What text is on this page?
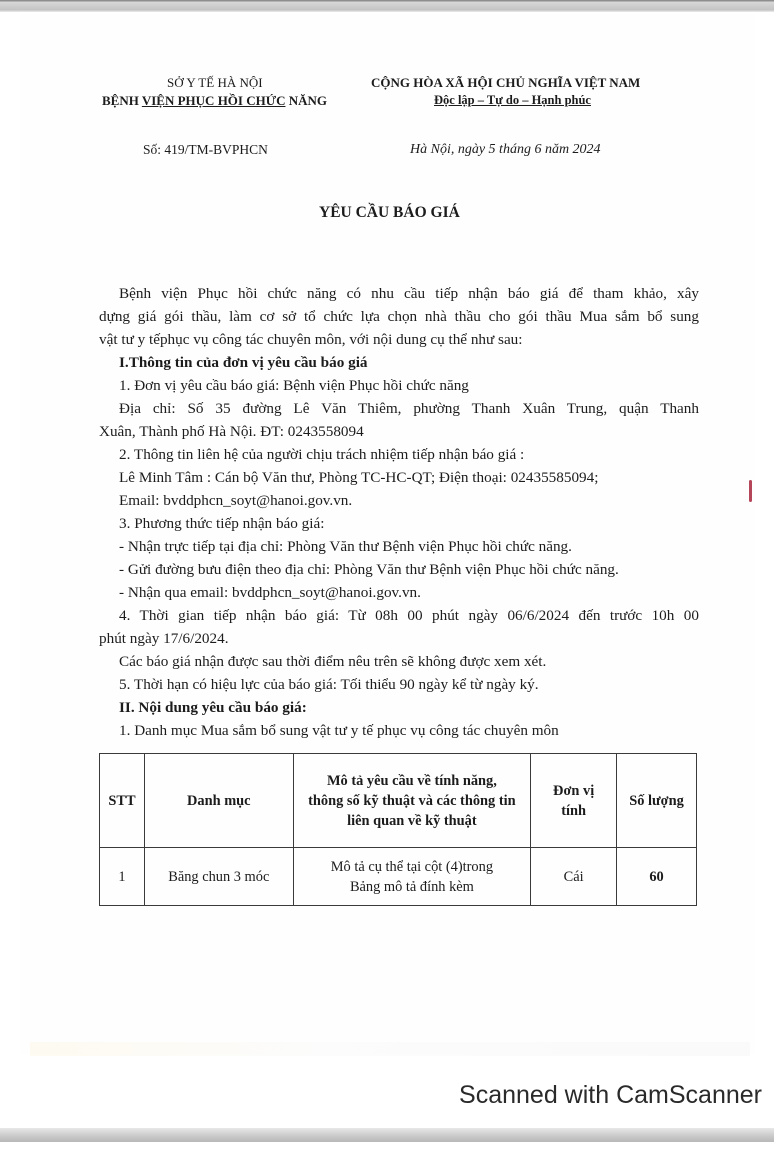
SỞ Y TẾ HÀ NỘI
BỆNH VIỆN PHỤC HỒI CHỨC NĂNG
CỘNG HÒA XÃ HỘI CHỦ NGHĨA VIỆT NAM
Độc lập – Tự do – Hạnh phúc
Số: 419/TM-BVPHCN	Hà Nội, ngày 5 tháng 6 năm 2024
YÊU CẦU BÁO GIÁ
Bệnh viện Phục hồi chức năng có nhu cầu tiếp nhận báo giá để tham khảo, xây
dựng giá gói thầu, làm cơ sở tổ chức lựa chọn nhà thầu cho gói thầu Mua sắm bổ sung
vật tư y tếphục vụ công tác chuyên môn, với nội dung cụ thể như sau:
I.Thông tin của đơn vị yêu cầu báo giá
1. Đơn vị yêu cầu báo giá: Bệnh viện Phục hồi chức năng
Địa chỉ: Số 35 đường Lê Văn Thiêm, phường Thanh Xuân Trung, quận Thanh
Xuân, Thành phố Hà Nội. ĐT: 0243558094
2. Thông tin liên hệ của người chịu trách nhiệm tiếp nhận báo giá :
Lê Minh Tâm : Cán bộ Văn thư, Phòng TC-HC-QT; Điện thoại: 02435585094;
Email: bvddphcn_soyt@hanoi.gov.vn.
3. Phương thức tiếp nhận báo giá:
- Nhận trực tiếp tại địa chỉ: Phòng Văn thư Bệnh viện Phục hồi chức năng.
- Gửi đường bưu điện theo địa chỉ: Phòng Văn thư Bệnh viện Phục hồi chức năng.
- Nhận qua email: bvddphcn_soyt@hanoi.gov.vn.
4. Thời gian tiếp nhận báo giá: Từ 08h 00 phút ngày 06/6/2024 đến trước 10h 00
phút ngày 17/6/2024.
Các báo giá nhận được sau thời điểm nêu trên sẽ không được xem xét.
5. Thời hạn có hiệu lực của báo giá: Tối thiểu 90 ngày kể từ ngày ký.
II. Nội dung yêu cầu báo giá:
1. Danh mục Mua sắm bổ sung vật tư y tế phục vụ công tác chuyên môn
STT	Danh mục	Mô tả yêu cầu về tính năng, thông số kỹ thuật và các thông tin liên quan về kỹ thuật	Đơn vị tính	Số lượng
1	Băng chun 3 móc	Mô tả cụ thể tại cột (4)trong Bảng mô tả đính kèm	Cái	60
Scanned with CamScanner
